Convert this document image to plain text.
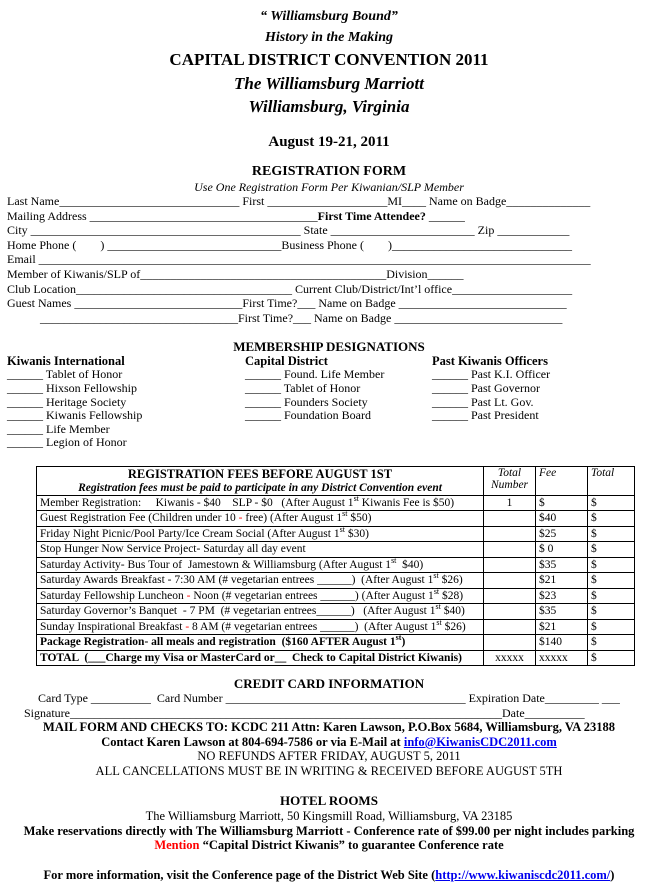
“ Williamsburg Bound”
History in the Making
CAPITAL DISTRICT CONVENTION 2011
The Williamsburg Marriott
Williamsburg, Virginia
August 19-21, 2011
REGISTRATION FORM
Use One Registration Form Per Kiwanian/SLP Member
Last Name______________________________ First ____________________MI____ Name on Badge______________
Mailing Address ______________________________________First Time Attendee? ______
City _____________________________________________ State ________________________ Zip ____________
Home Phone (        ) _____________________________Business Phone (        )______________________________
Email ____________________________________________________________________________________________
Member of Kiwanis/SLP of_________________________________________Division______
Club Location____________________________________ Current Club/District/Int’l office____________________
Guest Names ____________________________First Time?___ Name on Badge ____________________________
_________________________________First Time?___ Name on Badge ____________________________
MEMBERSHIP DESIGNATIONS
Kiwanis International
______ Tablet of Honor
______ Hixson Fellowship
______ Heritage Society
______ Kiwanis Fellowship
______ Life Member
______ Legion of Honor
Capital District
______ Found. Life Member
______ Tablet of Honor
______ Founders Society
______ Foundation Board
Past Kiwanis Officers
______ Past K.I. Officer
______ Past Governor
______ Past Lt. Gov.
______ Past President
REGISTRATION FEES BEFORE AUGUST 1ST
Registration fees must be paid to participate in any District Convention event	Total Number	Fee	Total
Member Registration:     Kiwanis - $40    SLP - $0   (After August 1st Kiwanis Fee is $50)	1	$	$
Guest Registration Fee (Children under 10 - free) (After August 1st $50)		$40	$
Friday Night Picnic/Pool Party/Ice Cream Social (After August 1st $30)		$25	$
Stop Hunger Now Service Project- Saturday all day event		$ 0	$
Saturday Activity- Bus Tour of  Jamestown & Williamsburg (After August 1st  $40)		$35	$
Saturday Awards Breakfast - 7:30 AM (# vegetarian entrees ______)  (After August 1st $26)		$21	$
Saturday Fellowship Luncheon - Noon (# vegetarian entrees ______) (After August 1st $28)		$23	$
Saturday Governor’s Banquet  - 7 PM  (# vegetarian entrees______)   (After August 1st $40)		$35	$
Sunday Inspirational Breakfast - 8 AM (# vegetarian entrees ______)  (After August 1st $26)		$21	$
Package Registration- all meals and registration  ($160 AFTER August 1st)		$140	$
TOTAL  (___Charge my Visa or MasterCard or__  Check to Capital District Kiwanis)	xxxxx	xxxxx	$
CREDIT CARD INFORMATION
Card Type __________  Card Number ________________________________________ Expiration Date_________ ___
Signature________________________________________________________________________Date__________
MAIL FORM AND CHECKS TO: KCDC 211 Attn: Karen Lawson, P.O.Box 5684, Williamsburg, VA 23188
Contact Karen Lawson at 804-694-7586 or via E-Mail at info@KiwanisCDC2011.com
NO REFUNDS AFTER FRIDAY, AUGUST 5, 2011
ALL CANCELLATIONS MUST BE IN WRITING & RECEIVED BEFORE AUGUST 5TH
HOTEL ROOMS
The Williamsburg Marriott, 50 Kingsmill Road, Williamsburg, VA 23185
Make reservations directly with The Williamsburg Marriott - Conference rate of $99.00 per night includes parking
Mention “Capital District Kiwanis” to guarantee Conference rate
For more information, visit the Conference page of the District Web Site (http://www.kiwaniscdc2011.com/)
